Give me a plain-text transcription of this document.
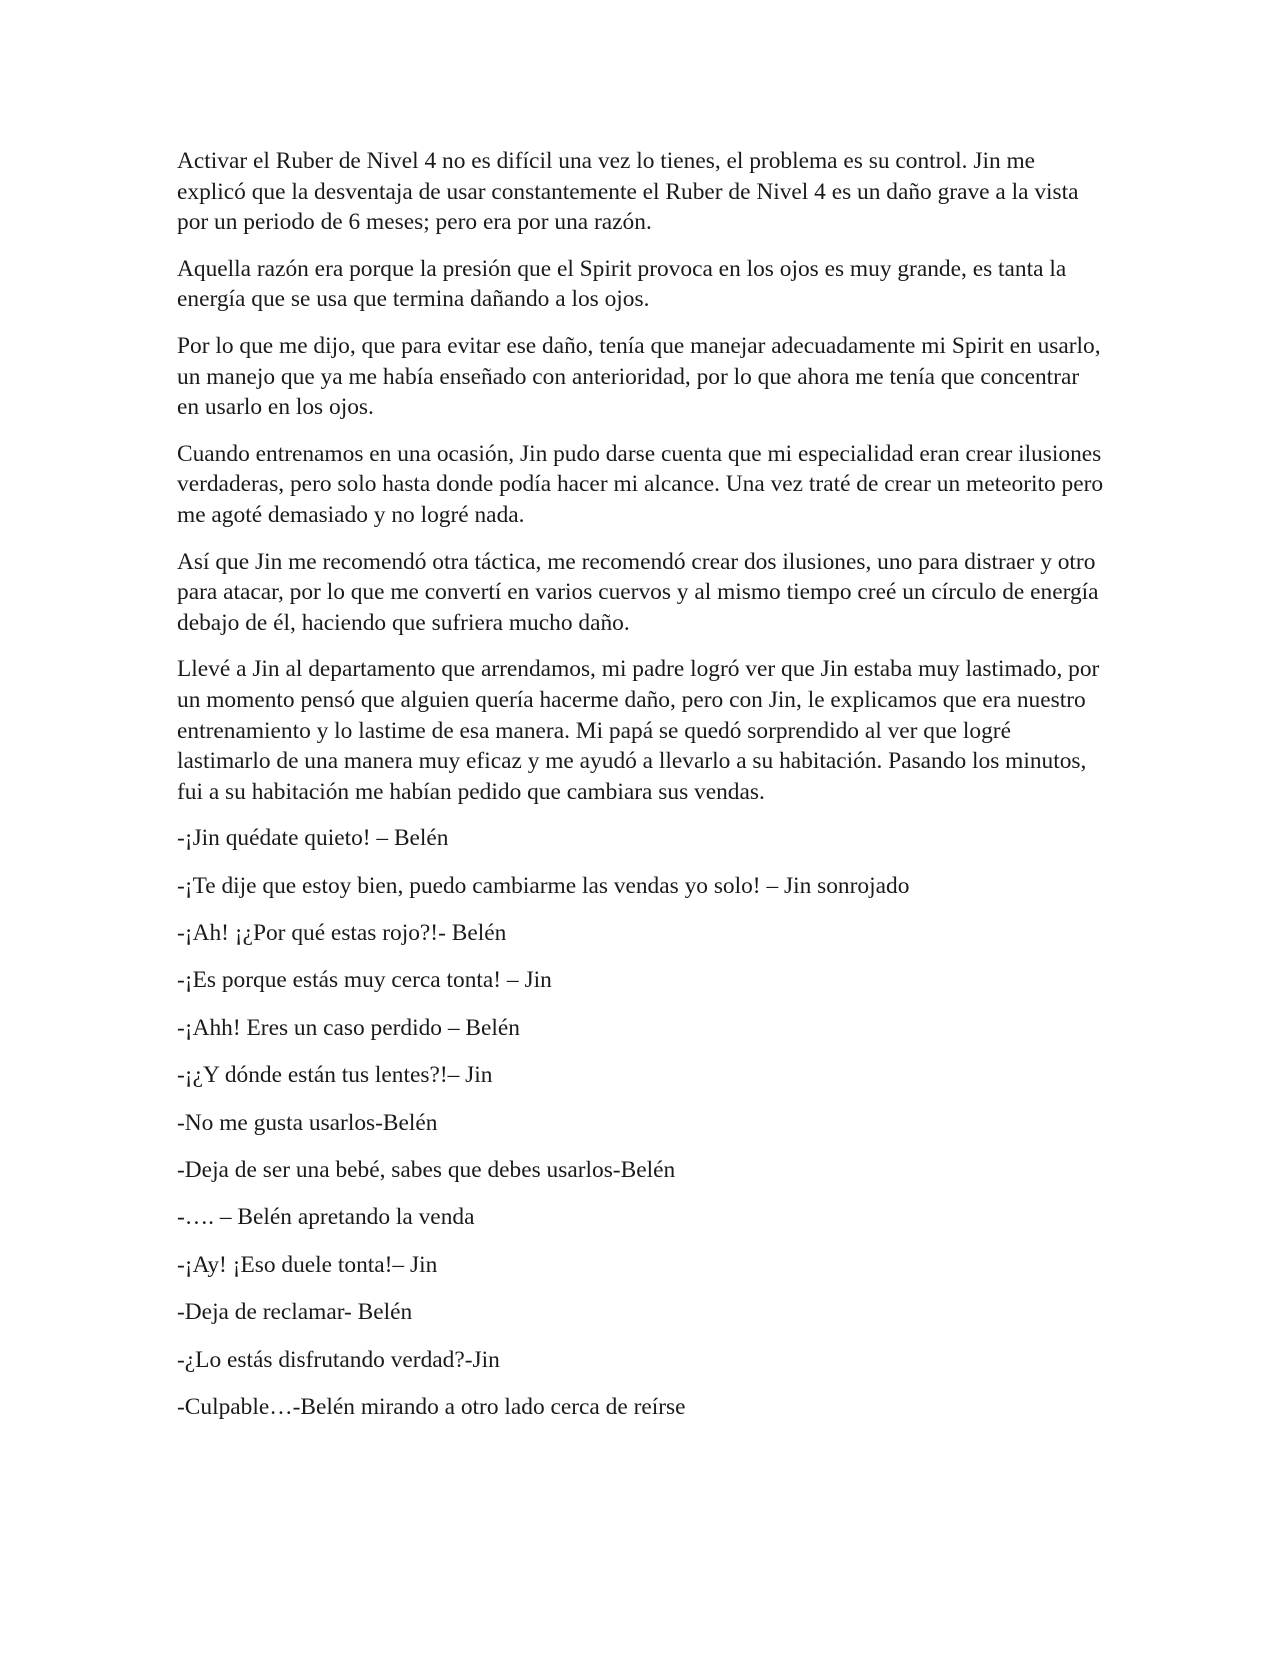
Activar el Ruber de Nivel 4 no es difícil una vez lo tienes, el problema es su control. Jin me explicó que la desventaja de usar constantemente el Ruber de Nivel 4 es un daño grave a la vista por un periodo de 6 meses; pero era por una razón.

Aquella razón era porque la presión que el Spirit provoca en los ojos es muy grande, es tanta la energía que se usa que termina dañando a los ojos.

Por lo que me dijo, que para evitar ese daño, tenía que manejar adecuadamente mi Spirit en usarlo, un manejo que ya me había enseñado con anterioridad, por lo que ahora me tenía que concentrar en usarlo en los ojos.

Cuando entrenamos en una ocasión, Jin pudo darse cuenta que mi especialidad eran crear ilusiones verdaderas, pero solo hasta donde podía hacer mi alcance. Una vez traté de crear un meteorito pero me agoté demasiado y no logré nada.

Así que Jin me recomendó otra táctica, me recomendó crear dos ilusiones, uno para distraer y otro para atacar, por lo que me convertí en varios cuervos y al mismo tiempo creé un círculo de energía debajo de él, haciendo que sufriera mucho daño.

Llevé a Jin al departamento que arrendamos, mi padre logró ver que Jin estaba muy lastimado, por un momento pensó que alguien quería hacerme daño, pero con Jin, le explicamos que era nuestro entrenamiento y lo lastime de esa manera. Mi papá se quedó sorprendido al ver que logré lastimarlo de una manera muy eficaz y me ayudó a llevarlo a su habitación. Pasando los minutos, fui a su habitación me habían pedido que cambiara sus vendas.

-¡Jin quédate quieto! – Belén

-¡Te dije que estoy bien, puedo cambiarme las vendas yo solo! – Jin sonrojado

-¡Ah! ¡¿Por qué estas rojo?!- Belén

-¡Es porque estás muy cerca tonta! – Jin

-¡Ahh! Eres un caso perdido – Belén

-¡¿Y dónde están tus lentes?!– Jin

-No me gusta usarlos-Belén

-Deja de ser una bebé, sabes que debes usarlos-Belén

-…. – Belén apretando la venda

-¡Ay! ¡Eso duele tonta!– Jin

-Deja de reclamar- Belén

-¿Lo estás disfrutando verdad?-Jin

-Culpable…-Belén mirando a otro lado cerca de reírse
